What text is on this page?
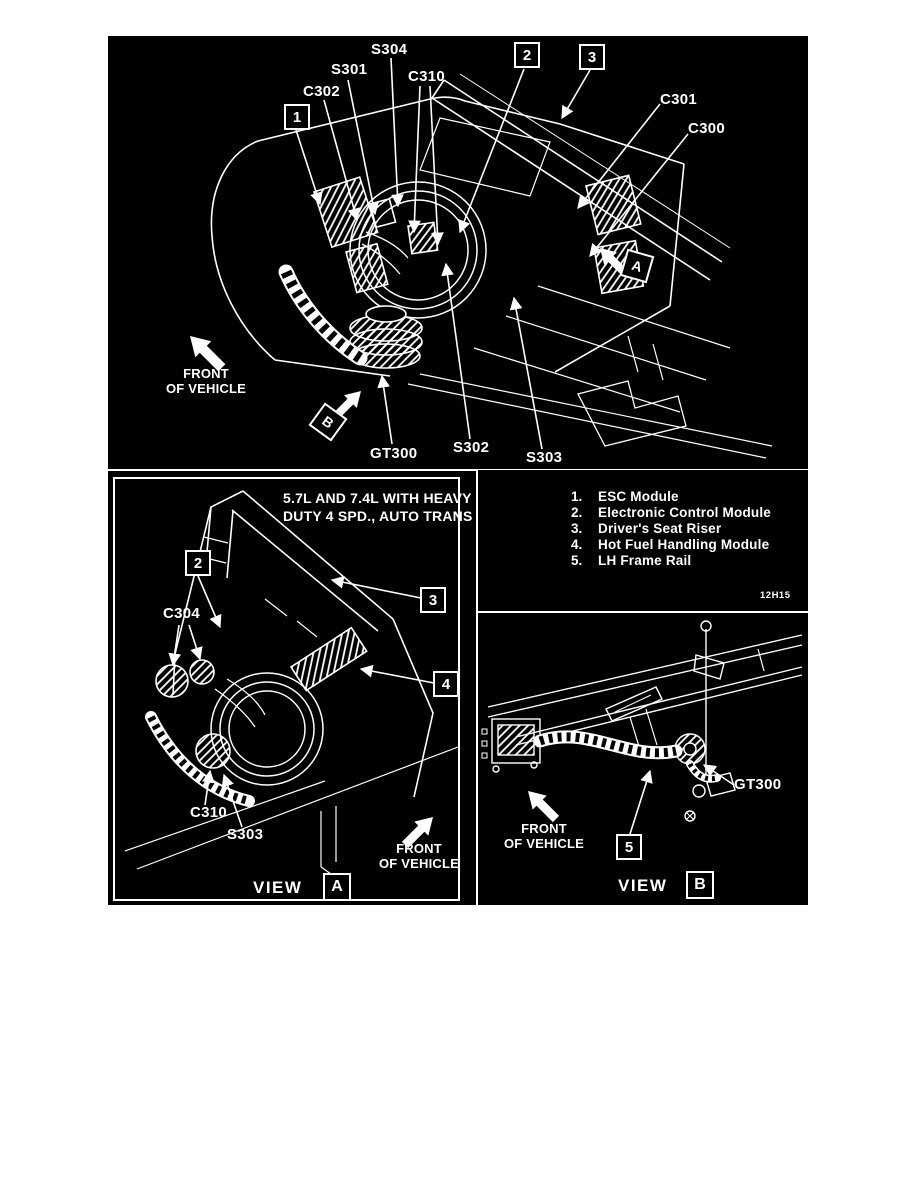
S304
S301
C302
C310
C301
C300
GT300 S302
S303
1
2	3
A
B
FRONT
OF VEHICLE
5.7L AND 7.4L WITH HEAVY
DUTY 4 SPD., AUTO TRANS
2
3
4
C304
C310
S303
FRONT
OF VEHICLE
VIEW	A
1. ESC Module
2. Electronic Control Module
3. Driver's Seat Riser
4. Hot Fuel Handling Module
5. LH Frame Rail
12H15
GT300
5
FRONT
OF VEHICLE
VIEW	B
